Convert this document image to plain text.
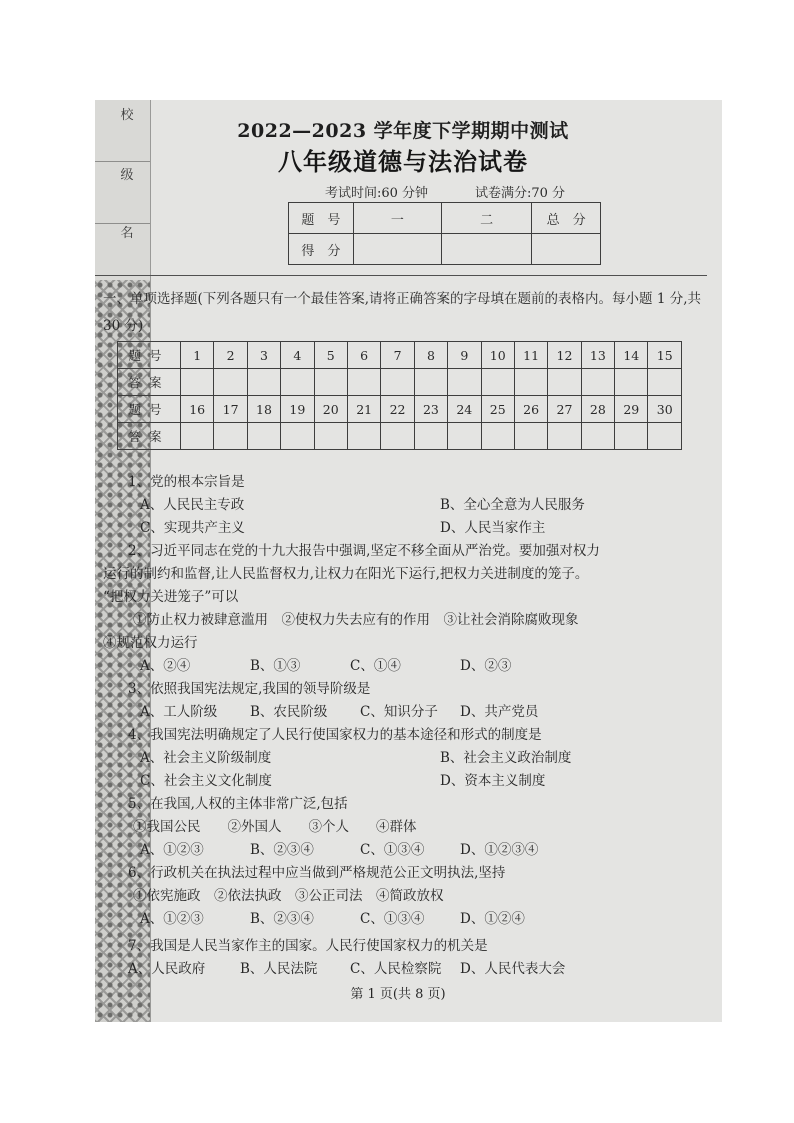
校
级
名
2022—2023 学年度下学期期中测试
八年级道德与法治试卷
考试时间:60 分钟	试卷满分:70 分
题　号	一	二	总　分
得　分			
一、单项选择题(下列各题只有一个最佳答案,请将正确答案的字母填在题前的表格内。每小题 1 分,共 30 分)
题号	1	2	3	4	5	6	7	8	9	10	11	12	13	14	15
答案															
题号	16	17	18	19	20	21	22	23	24	25	26	27	28	29	30
答案															
1、党的根本宗旨是
A、人民民主专政	B、全心全意为人民服务
C、实现共产主义	D、人民当家作主
2、习近平同志在党的十九大报告中强调,坚定不移全面从严治党。要加强对权力
运行的制约和监督,让人民监督权力,让权力在阳光下运行,把权力关进制度的笼子。
“把权力关进笼子”可以
①防止权力被肆意滥用　②使权力失去应有的作用　③让社会消除腐败现象
④规范权力运行
A、②④	B、①③	C、①④	D、②③
3、依照我国宪法规定,我国的领导阶级是
A、工人阶级 B、农民阶级 C、知识分子 D、共产党员
4、我国宪法明确规定了人民行使国家权力的基本途径和形式的制度是
A、社会主义阶级制度	B、社会主义政治制度
C、社会主义文化制度	D、资本主义制度
5、在我国,人权的主体非常广泛,包括
①我国公民　　②外国人　　③个人　　④群体
A、①②③	B、②③④	C、①③④	D、①②③④
6、行政机关在执法过程中应当做到严格规范公正文明执法,坚持
①依宪施政　②依法执政　③公正司法　④简政放权
A、①②③	B、②③④	C、①③④	D、①②④
7、我国是人民当家作主的国家。人民行使国家权力的机关是
A、人民政府	B、人民法院 C、人民检察院 D、人民代表大会
第 1 页(共 8 页)
